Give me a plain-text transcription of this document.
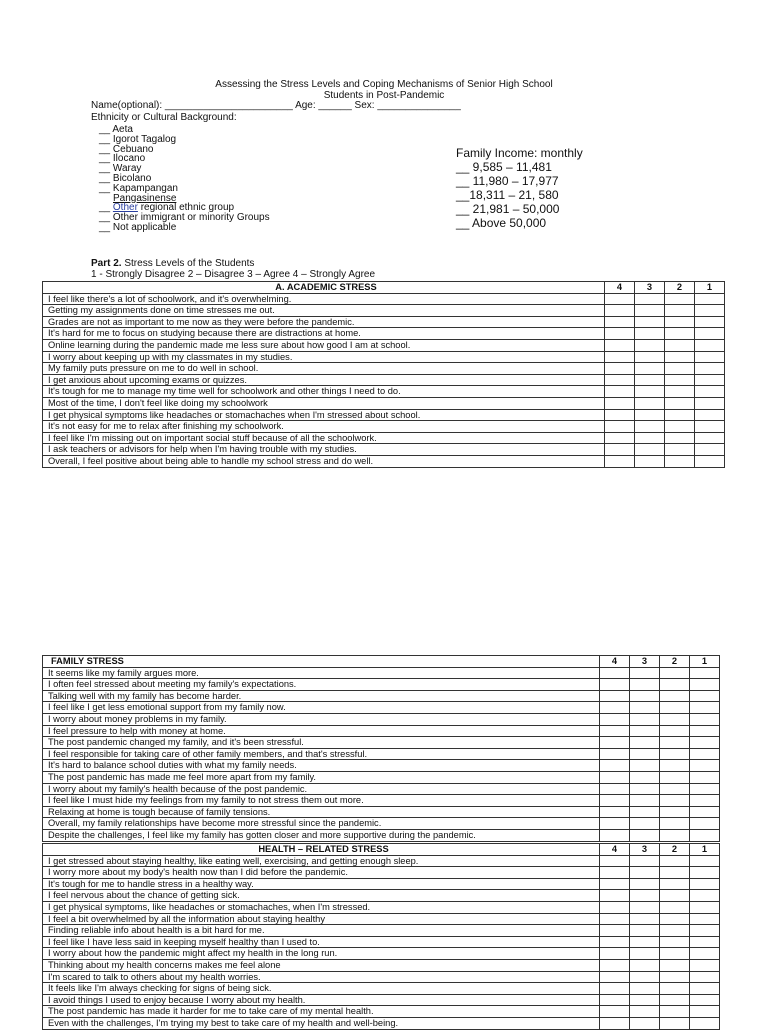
Assessing the Stress Levels and Coping Mechanisms of Senior High School
Students in Post-Pandemic
Name(optional): _______________________ Age: ______ Sex: _______________
Ethnicity or Cultural Background:
__ Aeta
__ Igorot Tagalog
__ Cebuano
__ Ilocano
__ Waray
__ Bicolano
__ Kapampangan
Pangasinense
__ Other regional ethnic group
__ Other immigrant or minority Groups
__ Not applicable
Family Income: monthly
__ 9,585 – 11,481
__ 11,980 – 17,977
__18,311 – 21, 580
__ 21,981 – 50,000
__ Above 50,000
Part 2. Stress Levels of the Students
1 - Strongly Disagree 2 – Disagree 3 – Agree 4 – Strongly Agree
A. ACADEMIC STRESS	4	3	2	1
I feel like there's a lot of schoolwork, and it's overwhelming.				
Getting my assignments done on time stresses me out.				
Grades are not as important to me now as they were before the pandemic.				
It's hard for me to focus on studying because there are distractions at home.				
Online learning during the pandemic made me less sure about how good I am at school.				
I worry about keeping up with my classmates in my studies.				
My family puts pressure on me to do well in school.				
I get anxious about upcoming exams or quizzes.				
It's tough for me to manage my time well for schoolwork and other things I need to do.				
Most of the time, I don't feel like doing my schoolwork				
I get physical symptoms like headaches or stomachaches when I'm stressed about school.				
It's not easy for me to relax after finishing my schoolwork.				
I feel like I'm missing out on important social stuff because of all the schoolwork.				
I ask teachers or advisors for help when I'm having trouble with my studies.				
Overall, I feel positive about being able to handle my school stress and do well.				
FAMILY STRESS	4	3	2	1
It seems like my family argues more.				
I often feel stressed about meeting my family's expectations.				
Talking well with my family has become harder.				
I feel like I get less emotional support from my family now.				
I worry about money problems in my family.				
I feel pressure to help with money at home.				
The post pandemic changed my family, and it's been stressful.				
I feel responsible for taking care of other family members, and that's stressful.				
It's hard to balance school duties with what my family needs.				
The post pandemic has made me feel more apart from my family.				
I worry about my family's health because of the post pandemic.				
I feel like I must hide my feelings from my family to not stress them out more.				
Relaxing at home is tough because of family tensions.				
Overall, my family relationships have become more stressful since the pandemic.				
Despite the challenges, I feel like my family has gotten closer and more supportive during the pandemic.				
HEALTH – RELATED STRESS	4	3	2	1
I get stressed about staying healthy, like eating well, exercising, and getting enough sleep.				
I worry more about my body's health now than I did before the pandemic.				
It's tough for me to handle stress in a healthy way.				
I feel nervous about the chance of getting sick.				
I get physical symptoms, like headaches or stomachaches, when I'm stressed.				
I feel a bit overwhelmed by all the information about staying healthy				
Finding reliable info about health is a bit hard for me.				
I feel like I have less said in keeping myself healthy than I used to.				
I worry about how the pandemic might affect my health in the long run.				
Thinking about my health concerns makes me feel alone				
I'm scared to talk to others about my health worries.				
It feels like I'm always checking for signs of being sick.				
I avoid things I used to enjoy because I worry about my health.				
The post pandemic has made it harder for me to take care of my mental health.				
Even with the challenges, I'm trying my best to take care of my health and well-being.				
